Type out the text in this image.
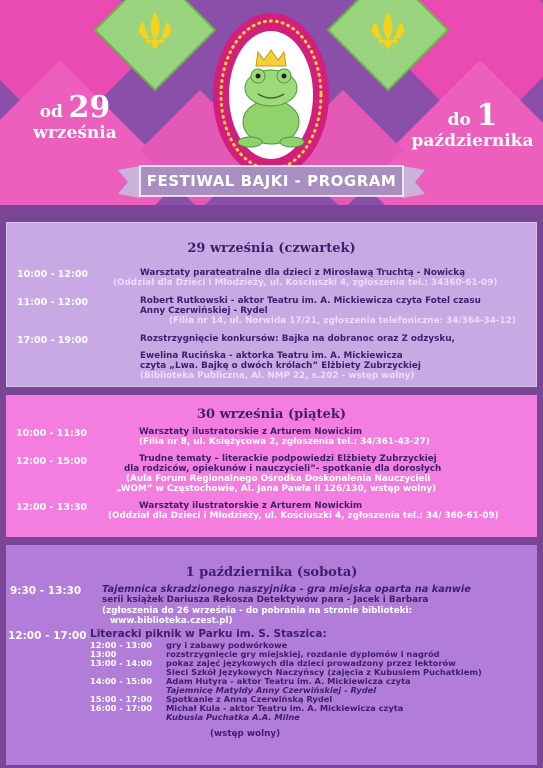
od 29
września
do 1
października
FESTIWAL BAJKI - PROGRAM
29 września (czwartek)
10:00 - 12:00	Warsztaty parateatralne dla dzieci z Mirosławą Truchtą - Nowicką
(Oddział dla Dzieci i Młodzieży, ul. Kościuszki 4, zgłoszenia tel.: 34360-61-09)
11:00 - 12:00	Robert Rutkowski - aktor Teatru im. A. Mickiewicza czyta Fotel czasu
Anny Czerwińskiej - Rydel
(Filia nr 14, ul. Norwida 17/21, zgłoszenia telefoniczne: 34/364-34-12)
17:00 - 19:00	Rozstrzygnięcie konkursów: Bajka na dobranoc oraz Z odzysku,
Ewelina Rucińska - aktorka Teatru im. A. Mickiewicza
czyta „Lwa. Bajkę o dwóch królach” Elżbiety Zubrzyckiej
(Biblioteka Publiczna, Al. NMP 22, s.202 - wstęp wolny)
30 września (piątek)
10:00 - 11:30	Warsztaty ilustratorskie z Arturem Nowickim
(Filia nr 8, ul. Księżycowa 2, zgłoszenia tel.: 34/361-43-27)
12:00 - 15:00	Trudne tematy – literackie podpowiedzi Elżbiety Zubrzyckiej
dla rodziców, opiekunów i nauczycieli”- spotkanie dla dorosłych
(Aula Forum Regionalnego Ośrodka Doskonalenia Nauczycieli
„WOM” w Częstochowie, Al. Jana Pawła II 126/130, wstęp wolny)
12:00 - 13:30	Warsztaty ilustratorskie z Arturem Nowickim
(Oddział dla Dzieci i Młodzieży, ul. Kościuszki 4, zgłoszenia tel.: 34/ 360-61-09)
1 października (sobota)
9:30 - 13:30 Tajemnica skradzionego naszyjnika - gra miejska oparta na kanwie
serii książek Dariusza Rekosza Detektywów para - Jacek i Barbara
(zgłoszenia do 26 września - do pobrania na stronie biblioteki:
www.biblioteka.czest.pl)
12:00 - 17:00 Literacki piknik w Parku im. S. Staszica:
12:00 - 13:00 gry i zabawy podwórkowe
13:00	rozstrzygnięcie gry miejskiej, rozdanie dyplomów i nagród
13:00 - 14:00 pokaz zajęć językowych dla dzieci prowadzony przez lektorów
Sieci Szkół Językowych Naczyńscy (zajęcia z Kubusiem Puchatkiem)
14:00 - 15:00 Adam Hutyra - aktor Teatru im. A. Mickiewicza czyta
Tajemnicę Matyldy Anny Czerwińskiej - Rydel
15:00 - 17:00 Spotkanie z Anną Czerwińską Rydel
16:00 - 17:00 Michał Kula - aktor Teatru im. A. Mickiewicza czyta
Kubusia Puchatka A.A. Milne
(wstęp wolny)
